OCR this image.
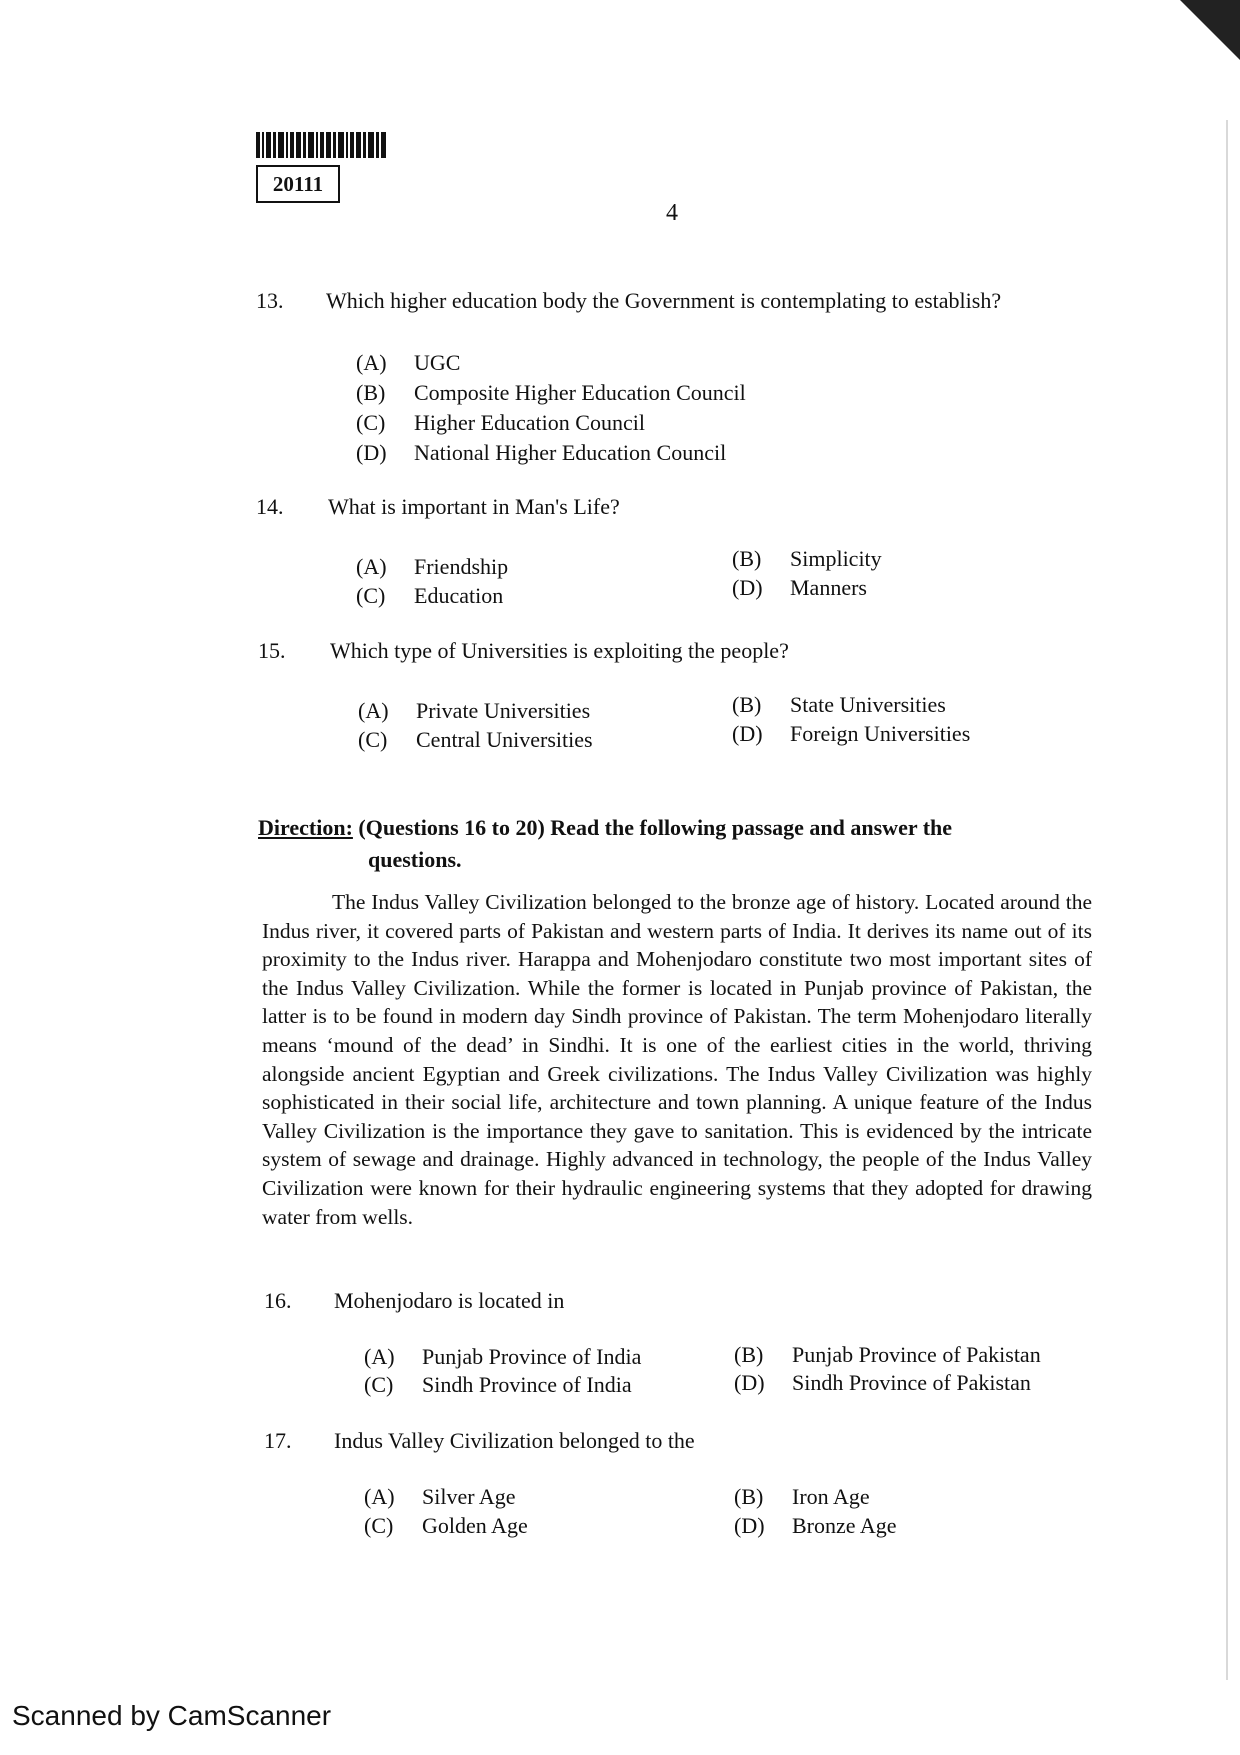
20111
4
13. Which higher education body the Government is contemplating to establish?
(A) UGC
(B) Composite Higher Education Council
(C) Higher Education Council
(D) National Higher Education Council
14. What is important in Man's Life?
(A) Friendship	(B) Simplicity
(C) Education	(D) Manners
15. Which type of Universities is exploiting the people?
(A) Private Universities	(B) State Universities
(C) Central Universities	(D) Foreign Universities
Direction: (Questions 16 to 20) Read the following passage and answer the
questions.
The Indus Valley Civilization belonged to the bronze age of history. Located around the Indus river, it covered parts of Pakistan and western parts of India. It derives its name out of its proximity to the Indus river. Harappa and Mohenjodaro constitute two most important sites of the Indus Valley Civilization. While the former is located in Punjab province of Pakistan, the latter is to be found in modern day Sindh province of Pakistan. The term Mohenjodaro literally means ‘mound of the dead’ in Sindhi. It is one of the earliest cities in the world, thriving alongside ancient Egyptian and Greek civilizations. The Indus Valley Civilization was highly sophisticated in their social life, architecture and town planning. A unique feature of the Indus Valley Civilization is the importance they gave to sanitation. This is evidenced by the intricate system of sewage and drainage. Highly advanced in technology, the people of the Indus Valley Civilization were known for their hydraulic engineering systems that they adopted for drawing water from wells.
16. Mohenjodaro is located in
(A) Punjab Province of India	(B) Punjab Province of Pakistan
(C) Sindh Province of India	(D) Sindh Province of Pakistan
17. Indus Valley Civilization belonged to the
(A) Silver Age	(B) Iron Age
(C) Golden Age	(D) Bronze Age
Scanned by CamScanner
